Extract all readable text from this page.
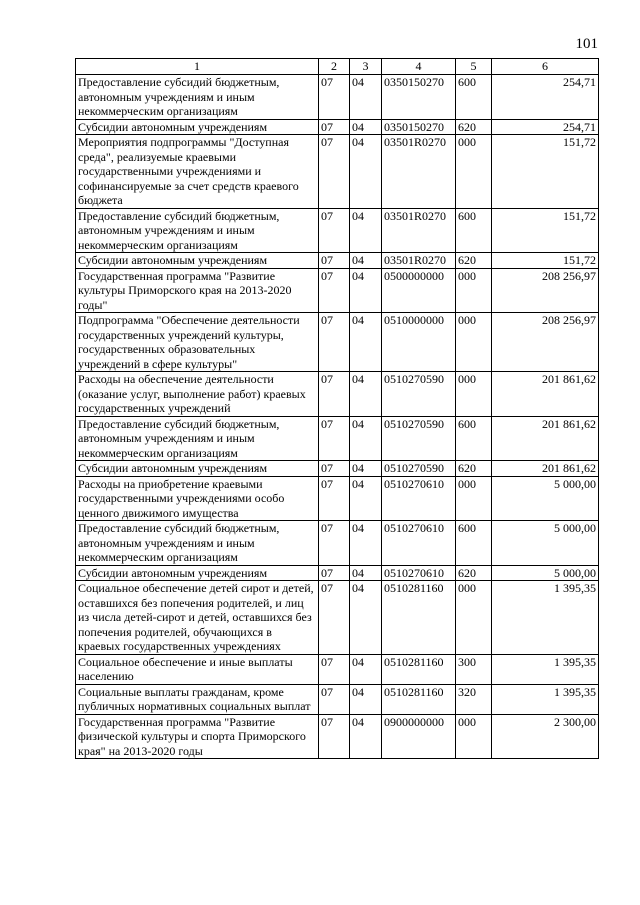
101
1	2	3	4	5	6
Предоставление субсидий бюджетным, автономным учреждениям и иным некоммерческим организациям	07	04	0350150270	600	254,71
Субсидии автономным учреждениям	07	04	0350150270	620	254,71
Мероприятия подпрограммы "Доступная среда", реализуемые краевыми государственными учреждениями и софинансируемые за счет средств краевого бюджета	07	04	03501R0270	000	151,72
Предоставление субсидий бюджетным, автономным учреждениям и иным некоммерческим организациям	07	04	03501R0270	600	151,72
Субсидии автономным учреждениям	07	04	03501R0270	620	151,72
Государственная программа "Развитие культуры Приморского края на 2013-2020 годы"	07	04	0500000000	000	208 256,97
Подпрограмма "Обеспечение деятельности государственных учреждений культуры, государственных образовательных учреждений в сфере культуры"	07	04	0510000000	000	208 256,97
Расходы на обеспечение деятельности (оказание услуг, выполнение работ) краевых государственных учреждений	07	04	0510270590	000	201 861,62
Предоставление субсидий бюджетным, автономным учреждениям и иным некоммерческим организациям	07	04	0510270590	600	201 861,62
Субсидии автономным учреждениям	07	04	0510270590	620	201 861,62
Расходы на приобретение краевыми государственными учреждениями особо ценного движимого имущества	07	04	0510270610	000	5 000,00
Предоставление субсидий бюджетным, автономным учреждениям и иным некоммерческим организациям	07	04	0510270610	600	5 000,00
Субсидии автономным учреждениям	07	04	0510270610	620	5 000,00
Социальное обеспечение детей сирот и детей, оставшихся без попечения родителей, и лиц из числа детей-сирот и детей, оставшихся без попечения родителей, обучающихся в краевых государственных учреждениях	07	04	0510281160	000	1 395,35
Социальное обеспечение и иные выплаты населению	07	04	0510281160	300	1 395,35
Социальные выплаты гражданам, кроме публичных нормативных социальных выплат	07	04	0510281160	320	1 395,35
Государственная программа "Развитие физической культуры и спорта Приморского края" на 2013-2020 годы	07	04	0900000000	000	2 300,00
